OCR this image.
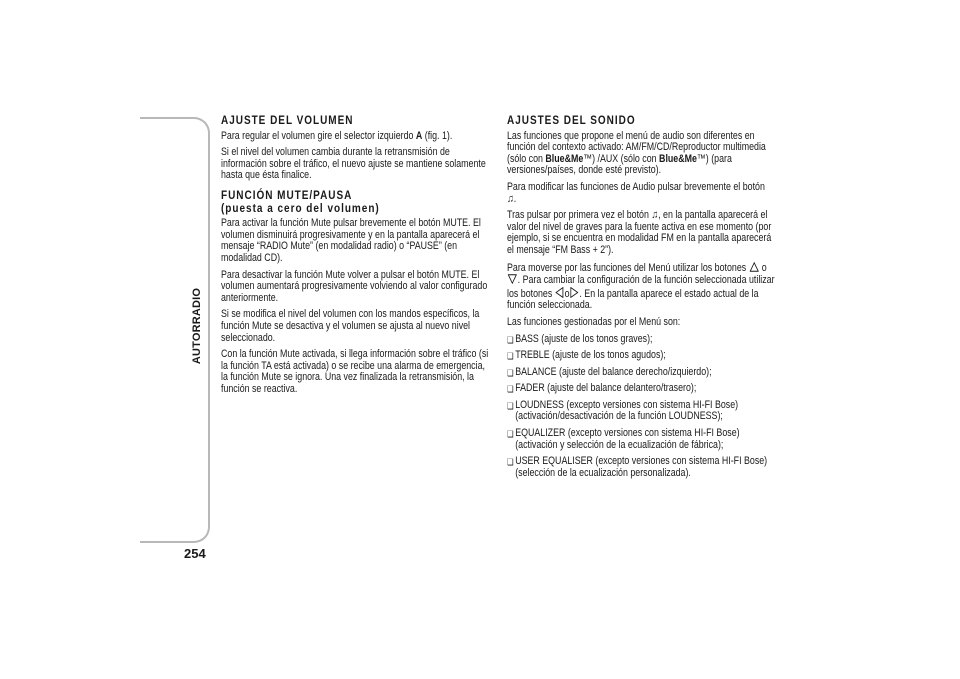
AUTORRADIO
254
AJUSTE DEL VOLUMEN

Para regular el volumen gire el selector izquierdo A (fig. 1).

Si el nivel del volumen cambia durante la retransmisión de información sobre el tráfico, el nuevo ajuste se mantiene solamente hasta que ésta finalice.

FUNCIÓN MUTE/PAUSA
(puesta a cero del volumen)

Para activar la función Mute pulsar brevemente el botón MUTE. El volumen disminuirá progresivamente y en la pantalla aparecerá el mensaje “RADIO Mute” (en modalidad radio) o “PAUSE” (en modalidad CD).

Para desactivar la función Mute volver a pulsar el botón MUTE. El volumen aumentará progresivamente volviendo al valor configurado anteriormente.

Si se modifica el nivel del volumen con los mandos específicos, la función Mute se desactiva y el volumen se ajusta al nuevo nivel seleccionado.

Con la función Mute activada, si llega información sobre el tráfico (si la función TA está activada) o se recibe una alarma de emergencia, la función Mute se ignora. Una vez finalizada la retransmisión, la función se reactiva.

AJUSTES DEL SONIDO

Las funciones que propone el menú de audio son diferentes en función del contexto activado: AM/FM/CD/Reproductor multimedia (sólo con Blue&Me™) /AUX (sólo con Blue&Me™) (para versiones/países, donde esté previsto).

Para modificar las funciones de Audio pulsar brevemente el botón
♫.

Tras pulsar por primera vez el botón ♫, en la pantalla aparecerá el valor del nivel de graves para la fuente activa en ese momento (por ejemplo, si se encuentra en modalidad FM en la pantalla aparecerá el mensaje “FM Bass + 2”).

Para moverse por las funciones del Menú utilizar los botones o
. Para cambiar la configuración de la función seleccionada utilizar los botones o . En la pantalla aparece el estado actual de la función seleccionada.

Las funciones gestionadas por el Menú son:

❏ BASS (ajuste de los tonos graves);
❏ TREBLE (ajuste de los tonos agudos);
❏ BALANCE (ajuste del balance derecho/izquierdo);
❏ FADER (ajuste del balance delantero/trasero);
❏ LOUDNESS (excepto versiones con sistema HI-FI Bose)
(activación/desactivación de la función LOUDNESS);
❏ EQUALIZER (excepto versiones con sistema HI-FI Bose)
(activación y selección de la ecualización de fábrica);
❏ USER EQUALISER (excepto versiones con sistema HI-FI Bose)
(selección de la ecualización personalizada).
